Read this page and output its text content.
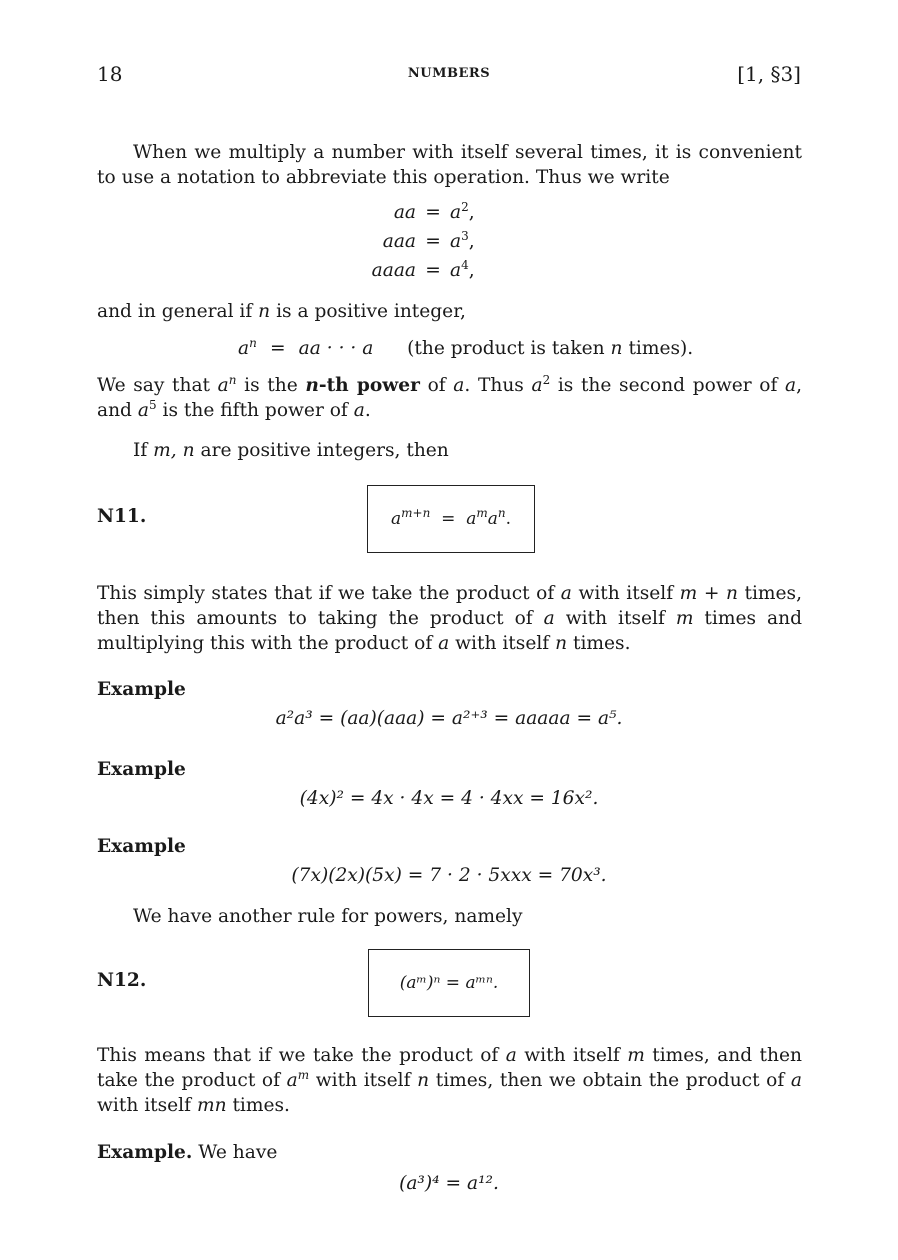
18	NUMBERS	[1, §3]
When we multiply a number with itself several times, it is convenient to use a notation to abbreviate this operation. Thus we write
aa = $a^2$,
aaa = $a^3$,
aaaa = $a^4$,
and in general if n is a positive integer,
$a^n$ = aa · · · a (the product is taken n times).
We say that $a^n$ is the n-th power of a. Thus $a^2$ is the second power of a, and $a^5$ is the fifth power of a.
If m, n are positive integers, then
N11.	$a^{m+n} = a^ma^n$.
This simply states that if we take the product of a with itself m + n times, then this amounts to taking the product of a with itself m times and multiplying this with the product of a with itself n times.
Example
a²a³ = (aa)(aaa) = a²⁺³ = aaaaa = a⁵.
Example
(4x)² = 4x · 4x = 4 · 4xx = 16x².
Example
(7x)(2x)(5x) = 7 · 2 · 5xxx = 70x³.
We have another rule for powers, namely
N12.	(aᵐ)ⁿ = aᵐⁿ.
This means that if we take the product of a with itself m times, and then take the product of $a^m$ with itself n times, then we obtain the product of a with itself mn times.
Example. We have
(a³)⁴ = a¹².
